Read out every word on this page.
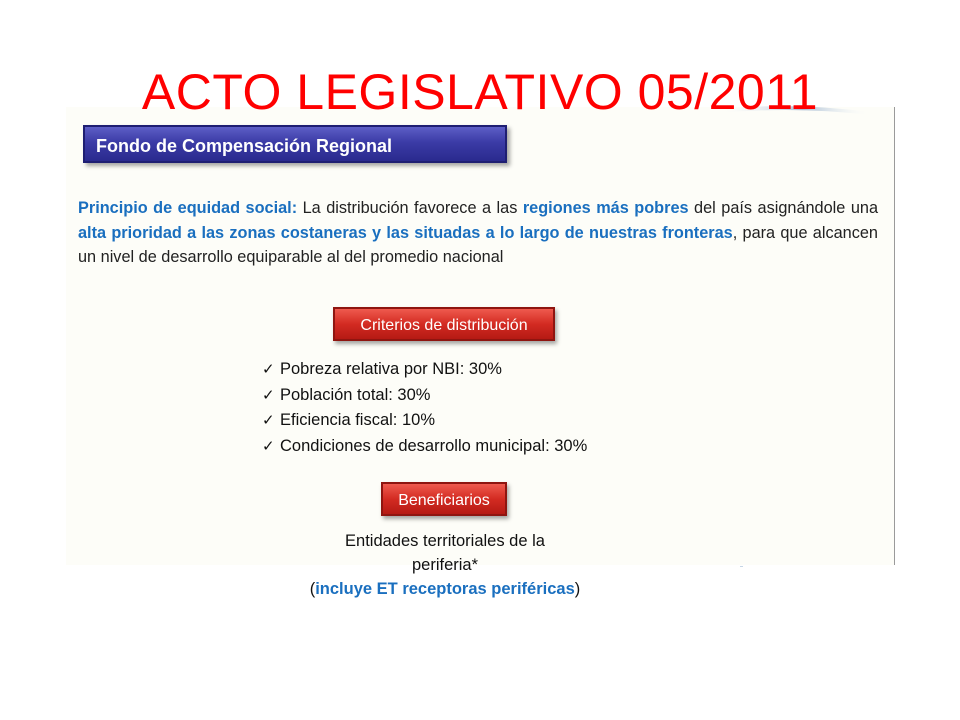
ACTO LEGISLATIVO 05/2011
Fondo de Compensación Regional

Principio de equidad social: La distribución favorece a las regiones más pobres del país asignándole una alta prioridad a las zonas costaneras y las situadas a lo largo de nuestras fronteras, para que alcancen un nivel de desarrollo equiparable al del promedio nacional

Criterios de distribución
✓ Pobreza relativa por NBI: 30%
✓ Población total: 30%
✓ Eficiencia fiscal: 10%
✓ Condiciones de desarrollo municipal: 30%
Beneficiarios
Entidades territoriales de la
periferia*
(incluye ET receptoras periféricas)
